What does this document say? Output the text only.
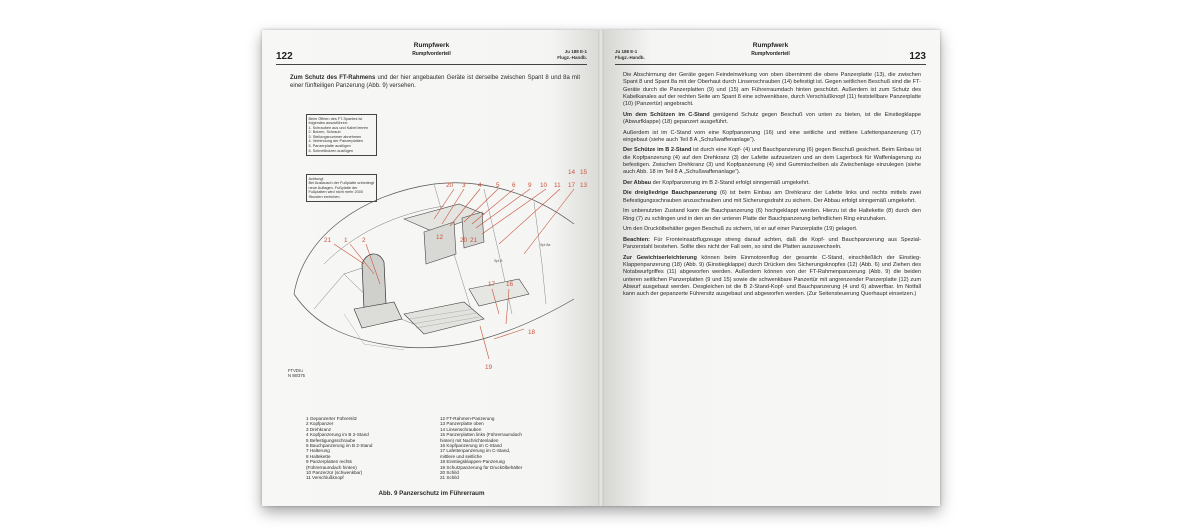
122
Rumpfwerk
Rumpfvorderteil	Ju 188 E-1
Flugz.-Handb.
Zum Schutz des FT-Rahmens und der hier angebauten Geräte ist derselbe zwischen Spant 8 und 8a mit einer fünfteiligen Panzerung (Abb. 9) versehen.
Beim Öffnen des FT-Spantes ist folgendes auszuführen:
1. Schrauben aus und Kabel leeren
2. Bolzen, Schraub
3. Stellungsnummer abnehmen
4. Verbindung der Panzerplatten
5. Panzerplatte ausfügen
6. Schnellbolzen ausfügen
Achtung!
Bei Austausch der Fußplatte unbedingt neue Auflagen. Fußplatte der Fußplatten wird nicht mehr 2000 Stunden erreichen.
20 3 4 5 6 9 10 11 17 13
14 15
21 1 2	12	20 21
17 16
18
19
Spt 8
Spt 8a
FTVDru
N 88/375
1 Gepanzerter Führersitz
2 Kopfpanzer
3 Drehkranz
4 Kopfpanzerung im B 2-Stand
5 Befestigungsschraube
6 Bauchpanzerung im B 2-Stand
7 Halterung
8 Haltekette
9 Panzerplatten rechts
(Führerraumdach hinten)
10 Panzerzür (schwenkbar)
11 Verschlußknopf
12 FT-Rahmen-Panzerung
13 Panzerplatte oben
14 Linsenschrauben
15 Panzerplatten links (Führerraumdach
hinten) mit Nachrichtenladen
16 Kopfpanzerung im C-Stand
17 Lafettenpanzerung im C-Stand,
mittlere und seitliche
18 Einstiegsklappen-Panzerung
19 Schutzpanzerung für Druckölbehälter
20 Schild
21 Schild
Abb. 9 Panzerschutz im Führerraum
Ju 188 E-1
Flugz.-Handb.
Rumpfwerk
Rumpfvorderteil	123

Die Abschirmung der Geräte gegen Feindeinwirkung von oben übernimmt die obere Panzerplatte (13), die zwischen Spant 8 und Spant 8a mit der Oberhaut durch Linsenschrauben (14) befestigt ist. Gegen seitlichen Beschuß sind die FT-Geräte durch die Panzerplatten (9) und (15) am Führerraumdach hinten geschützt. Außerdem ist zum Schutz des Kabelkanales auf der rechten Seite am Spant 8 eine schwenkbare, durch Verschlußknopf (11) feststellbare Panzerplatte (10) (Panzertür) angebracht.

Um dem Schützen im C-Stand genügend Schutz gegen Beschuß von unten zu bieten, ist die Einstiegklappe (Abwurfklappe) (18) gepanzert ausgeführt.

Außerdem ist im C-Stand vorn eine Kopfpanzerung (16) und eine seitliche und mittlere Lafettenpanzerung (17) eingebaut (siehe auch Teil 8 A „Schußwaffenanlage“).

Der Schütze im B 2-Stand ist durch eine Kopf- (4) und Bauchpanzerung (6) gegen Beschuß gesichert. Beim Einbau ist die Kopfpanzerung (4) auf den Drehkranz (3) der Lafette aufzusetzen und an dem Lagerbock für Waffenlagerung zu befestigen. Zwischen Drehkranz (3) und Kopfpanzerung (4) sind Gummischeiben als Zwischenlage einzulegen (siehe auch Abb. 18 im Teil 8 A „Schußwaffenanlage“).

Der Abbau der Kopfpanzerung im B 2-Stand erfolgt sinngemäß umgekehrt.

Die dreigliedrige Bauchpanzerung (6) ist beim Einbau am Drehkranz der Lafette links und rechts mittels zwei Befestigungsschrauben anzuschrauben und mit Sicherungsdraht zu sichern. Der Abbau erfolgt sinngemäß umgekehrt.

Im unbenutzten Zustand kann die Bauchpanzerung (6) hochgeklappt werden. Hierzu ist die Haltekette (8) durch den Ring (7) zu schlingen und in den an der unteren Platte der Bauchpanzerung befindlichen Ring einzuhaken.

Um den Druckölbehälter gegen Beschuß zu sichern, ist er auf einer Panzerplatte (19) gelagert.

Beachten: Für Fronteinsatzflugzeuge streng darauf achten, daß die Kopf- und Bauchpanzerung aus Spezial-Panzerstahl bestehen. Sollte dies nicht der Fall sein, so sind die Platten auszuwechseln.

Zur Gewichtserleichterung können beim Einmotorenflug der gesamte C-Stand, einschließlich der Einstieg-Klappenpanzerung (18) (Abb. 9) (Einstiegklappe) durch Drücken des Sicherungsknopfes (12) (Abb. 6) und Ziehen des Notabwurfgriffes (11) abgeworfen werden. Außerdem können von der FT-Rahmenpanzerung (Abb. 9) die beiden unteren seitlichen Panzerplatten (9 und 15) sowie die schwenkbare Panzertür mit angrenzender Panzerplatte (12) zum Abwurf ausgebaut werden. Desgleichen ist die B 2-Stand-Kopf- und Bauchpanzerung (4 und 6) abwerfbar. Im Notfall kann auch der gepanzerte Führersitz ausgebaut und abgeworfen werden. (Zur Seitensteuerung Querhaupt einsetzen.)
